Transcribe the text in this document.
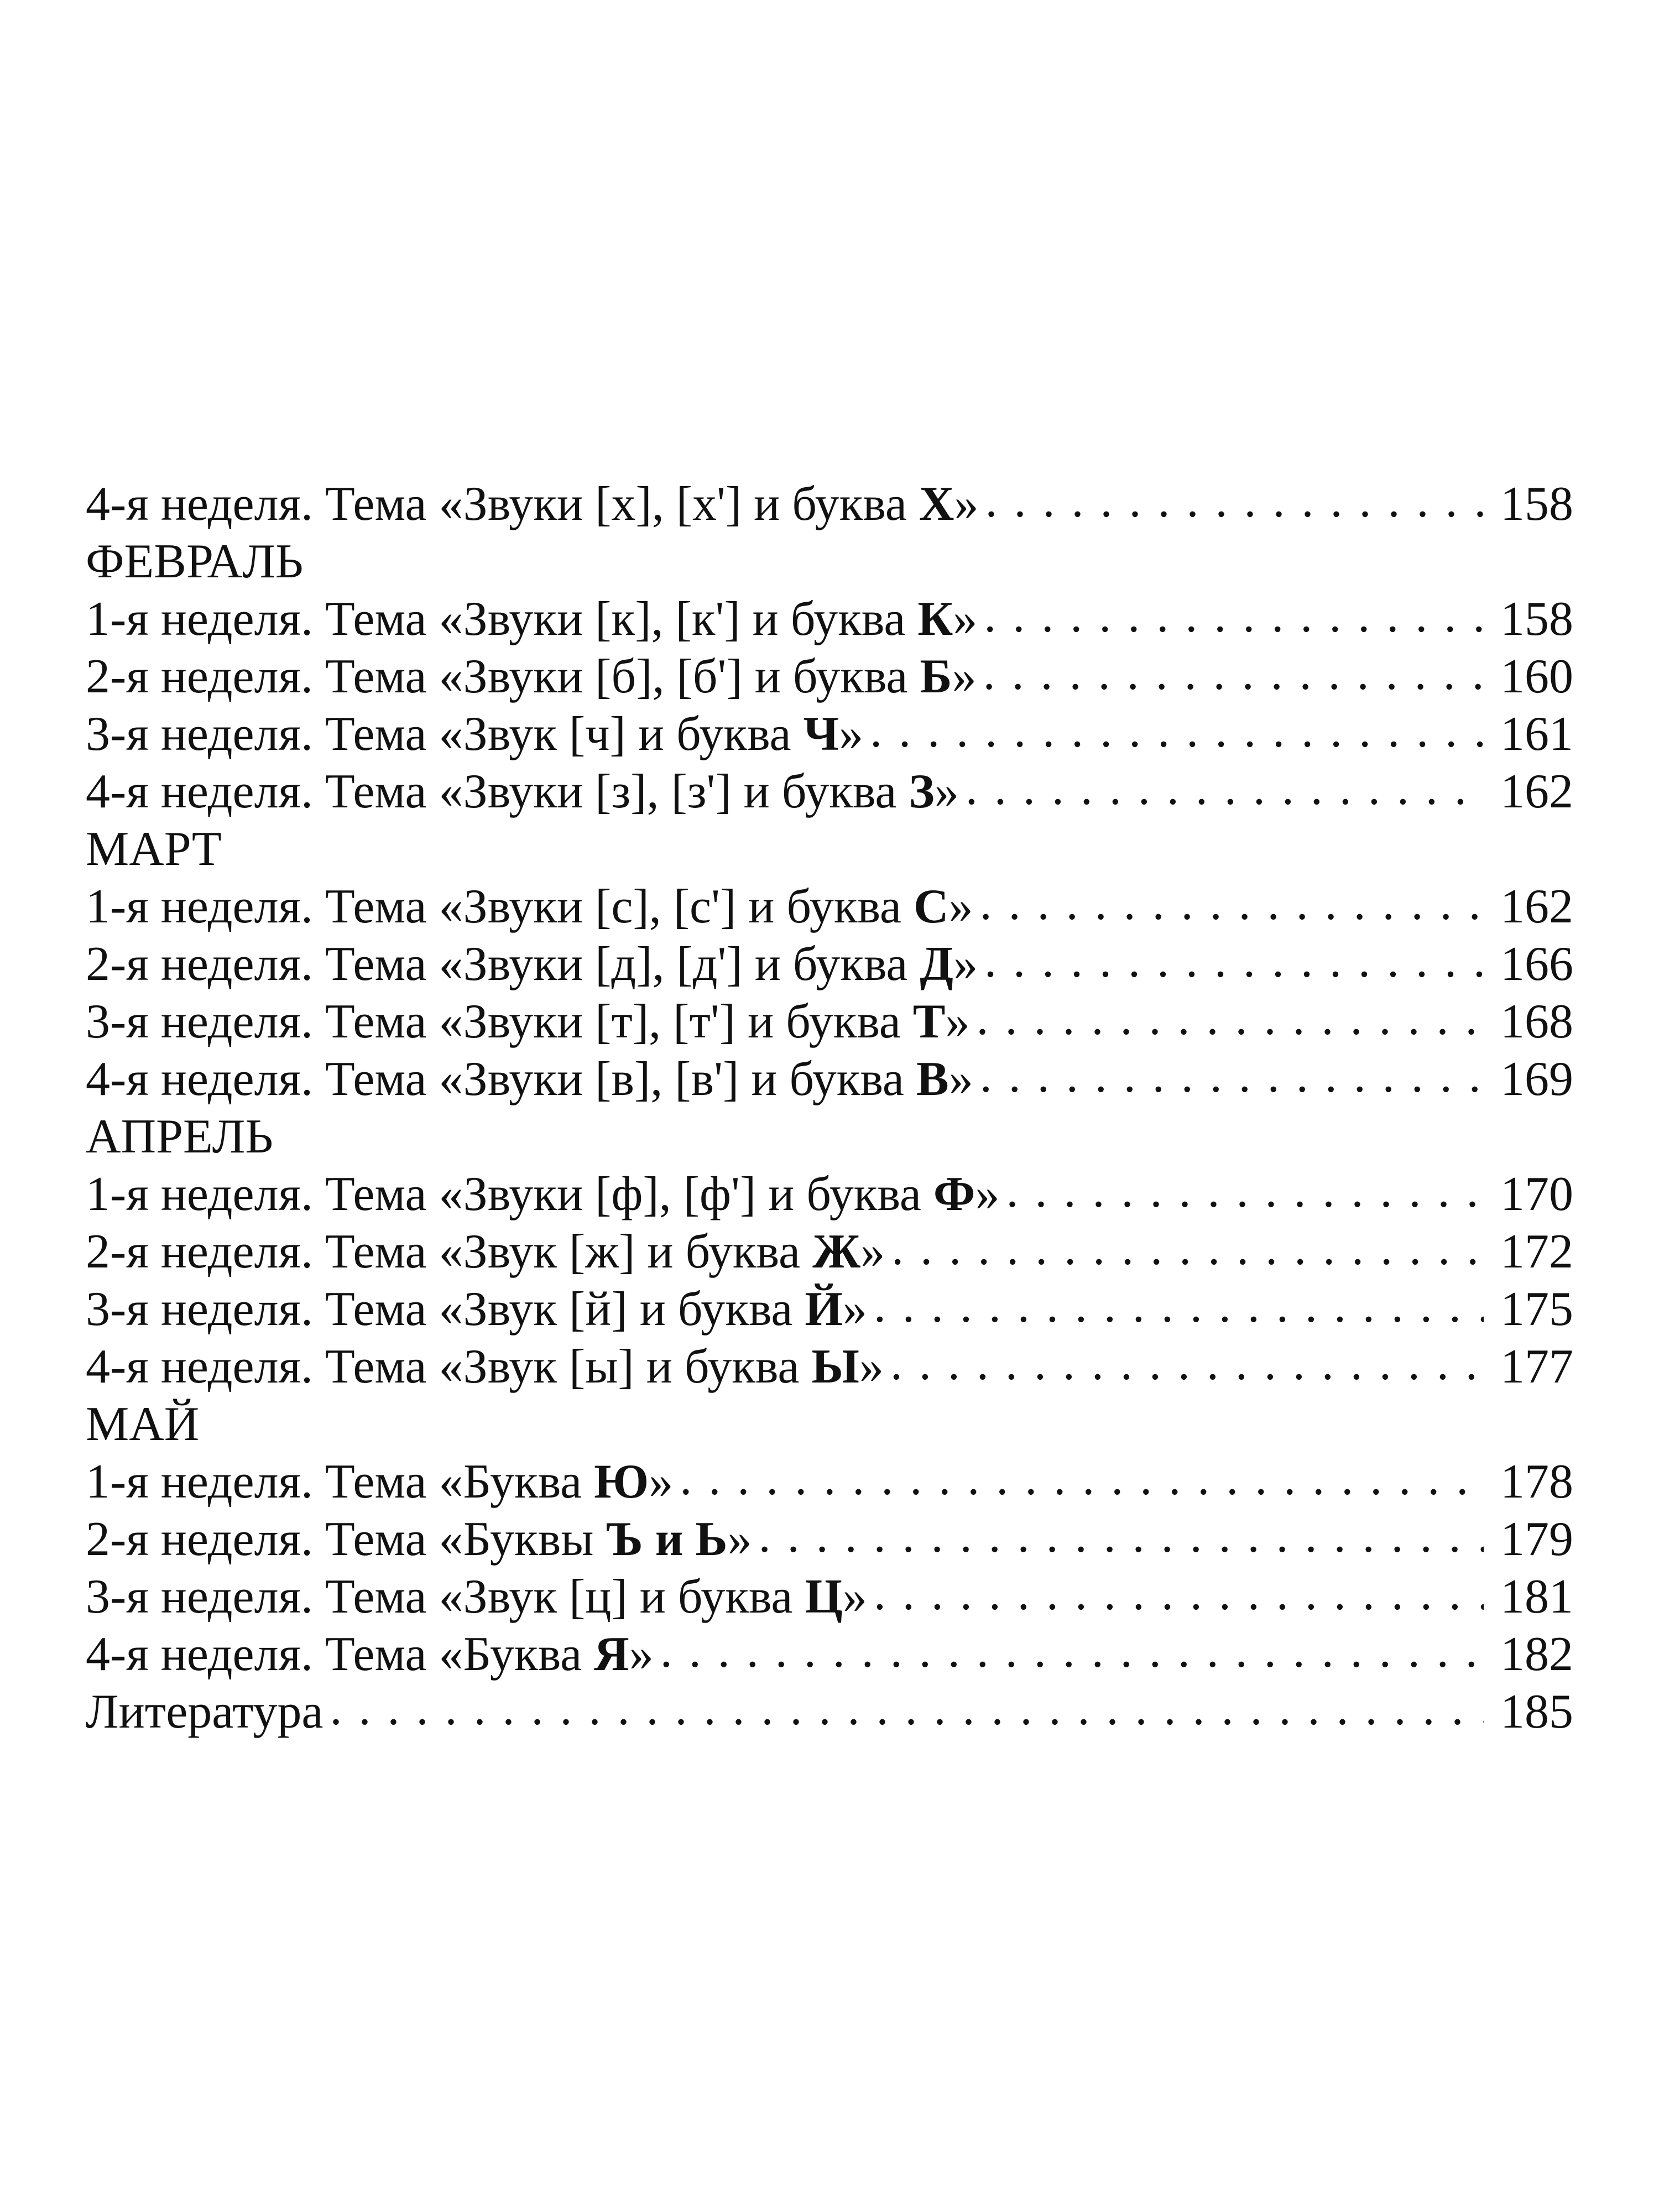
4-я неделя. Тема «Звуки [х], [х'] и буква Х» . . .	158
ФЕВРАЛЬ
1-я неделя. Тема «Звуки [к], [к'] и буква К» . . .	158
2-я неделя. Тема «Звуки [б], [б'] и буква Б» . . .	160
3-я неделя. Тема «Звук [ч] и буква Ч» . . .	161
4-я неделя. Тема «Звуки [з], [з'] и буква З» . . .	162
МАРТ
1-я неделя. Тема «Звуки [с], [с'] и буква С» . . .	162
2-я неделя. Тема «Звуки [д], [д'] и буква Д» . . .	166
3-я неделя. Тема «Звуки [т], [т'] и буква Т» . . .	168
4-я неделя. Тема «Звуки [в], [в'] и буква В» . . .	169
АПРЕЛЬ
1-я неделя. Тема «Звуки [ф], [ф'] и буква Ф» . . .	170
2-я неделя. Тема «Звук [ж] и буква Ж» . . .	172
3-я неделя. Тема «Звук [й] и буква Й» . . .	175
4-я неделя. Тема «Звук [ы] и буква Ы» . . .	177
МАЙ
1-я неделя. Тема «Буква Ю» . . .	178
2-я неделя. Тема «Буквы Ъ и Ь» . . .	179
3-я неделя. Тема «Звук [ц] и буква Ц» . . .	181
4-я неделя. Тема «Буква Я» . . .	182
Литература . . .	185
